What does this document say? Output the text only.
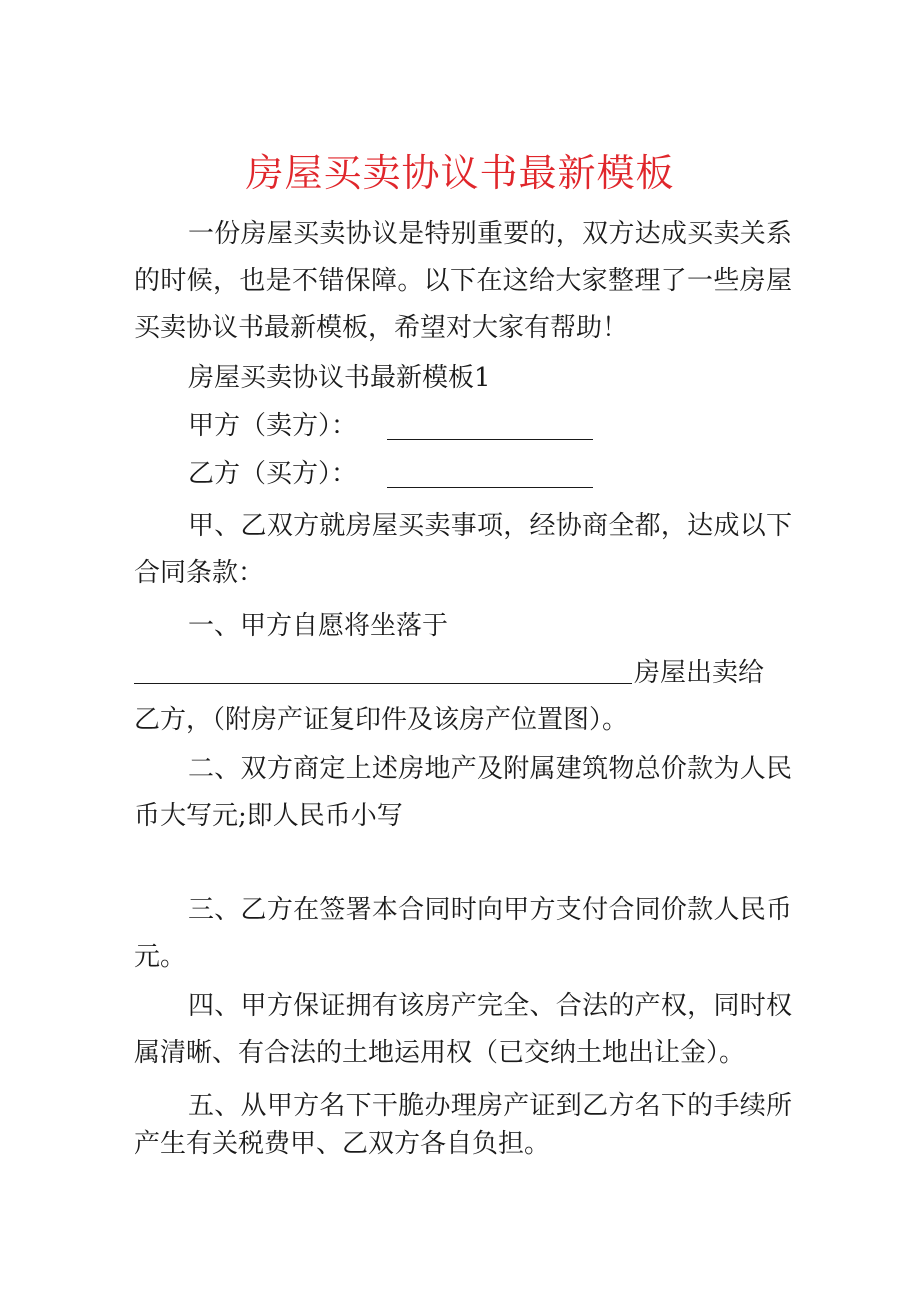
房屋买卖协议书最新模板
一份房屋买卖协议是特别重要的，双方达成买卖关系的时候，也是不错保障。以下在这给大家整理了一些房屋买卖协议书最新模板，希望对大家有帮助！
房屋买卖协议书最新模板1
甲方（卖方）：
乙方（买方）：
甲、乙双方就房屋买卖事项，经协商全都，达成以下合同条款：
一、甲方自愿将坐落于
房屋出卖给
乙方，（附房产证复印件及该房产位置图）。
二、双方商定上述房地产及附属建筑物总价款为人民币大写元;即人民币小写
三、乙方在签署本合同时向甲方支付合同价款人民币元。
四、甲方保证拥有该房产完全、合法的产权，同时权属清晰、有合法的土地运用权（已交纳土地出让金）。
五、从甲方名下干脆办理房产证到乙方名下的手续所产生有关税费甲、乙双方各自负担。
